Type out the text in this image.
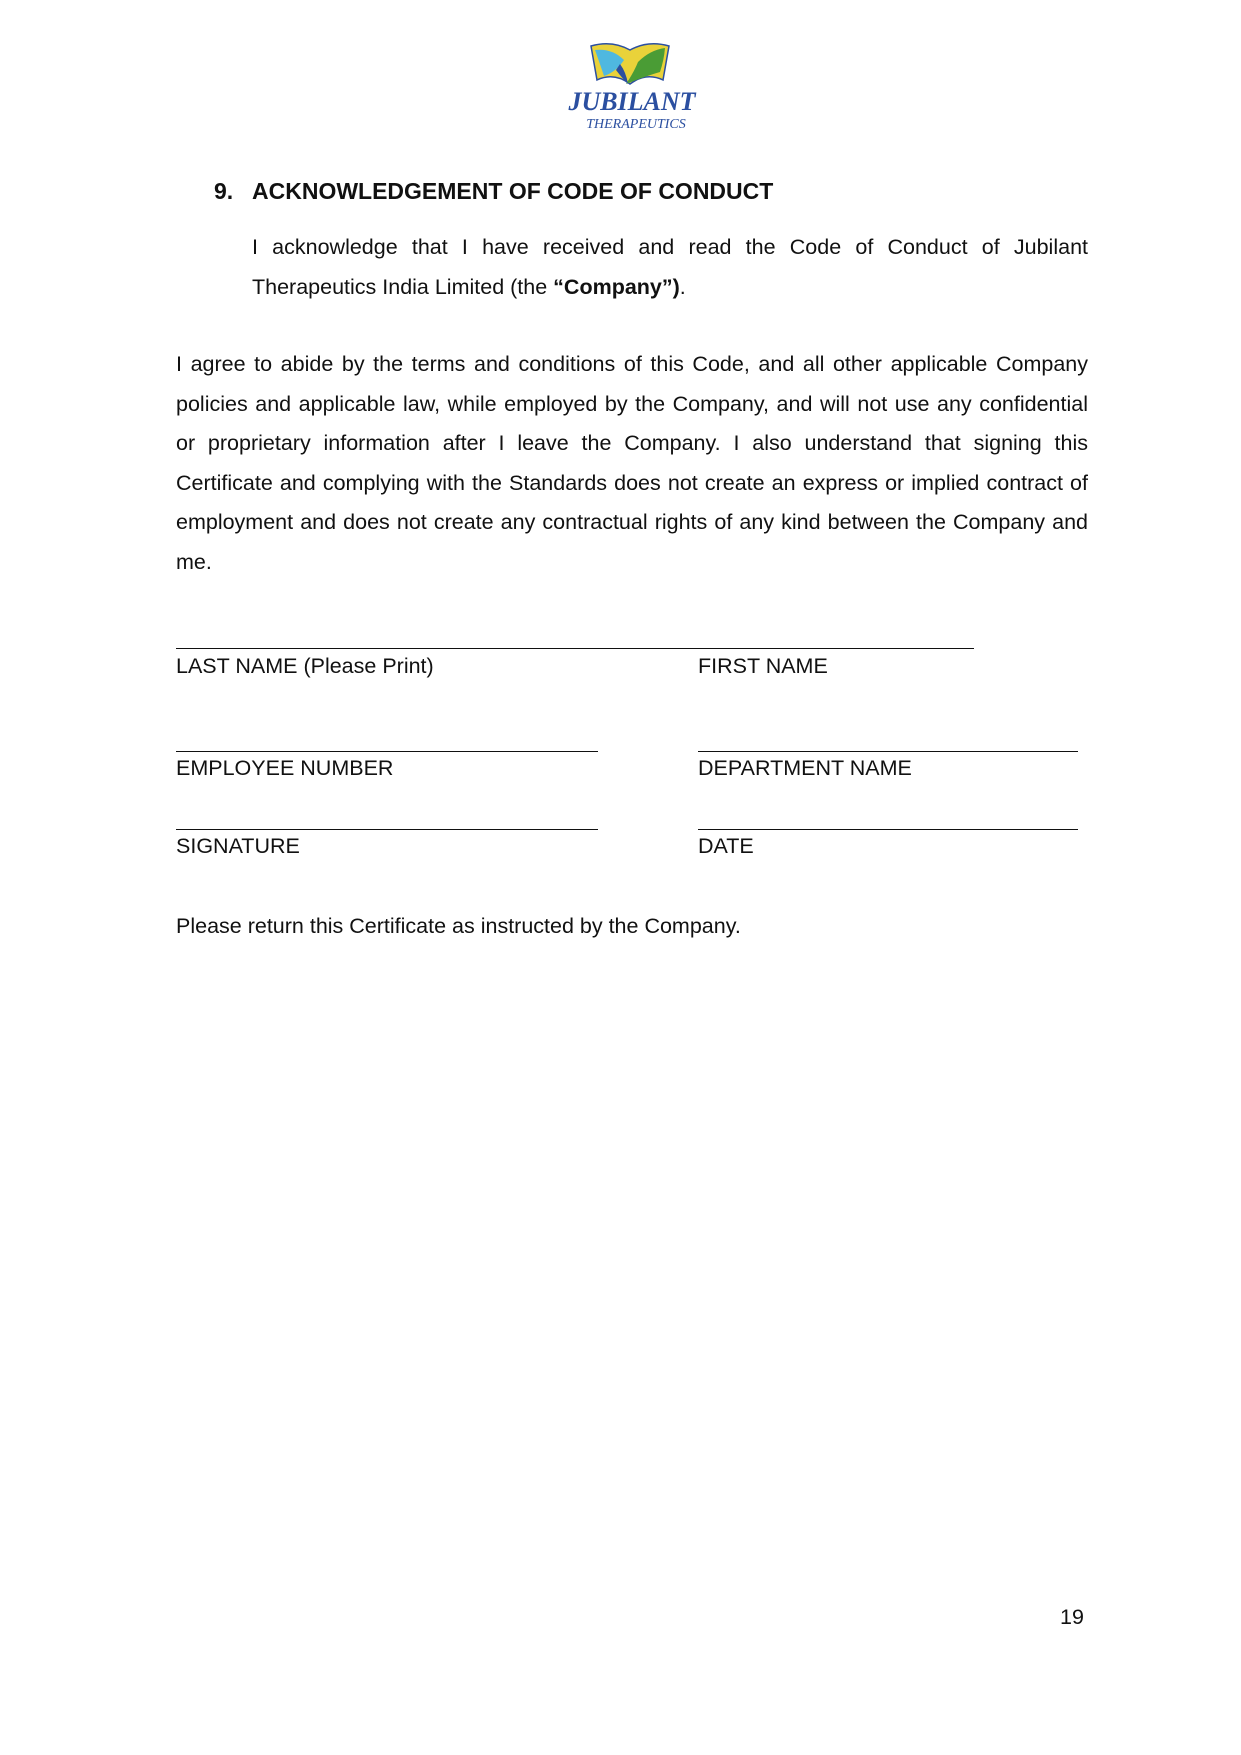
JUBILANT
THERAPEUTICS
9. ACKNOWLEDGEMENT OF CODE OF CONDUCT

I acknowledge that I have received and read the Code of Conduct of Jubilant Therapeutics India Limited (the “Company”).

I agree to abide by the terms and conditions of this Code, and all other applicable Company policies and applicable law, while employed by the Company, and will not use any confidential or proprietary information after I leave the Company. I also understand that signing this Certificate and complying with the Standards does not create an express or implied contract of employment and does not create any contractual rights of any kind between the Company and me.

LAST NAME (Please Print)	FIRST NAME
EMPLOYEE NUMBER	DEPARTMENT NAME
SIGNATURE	DATE

Please return this Certificate as instructed by the Company.

19
